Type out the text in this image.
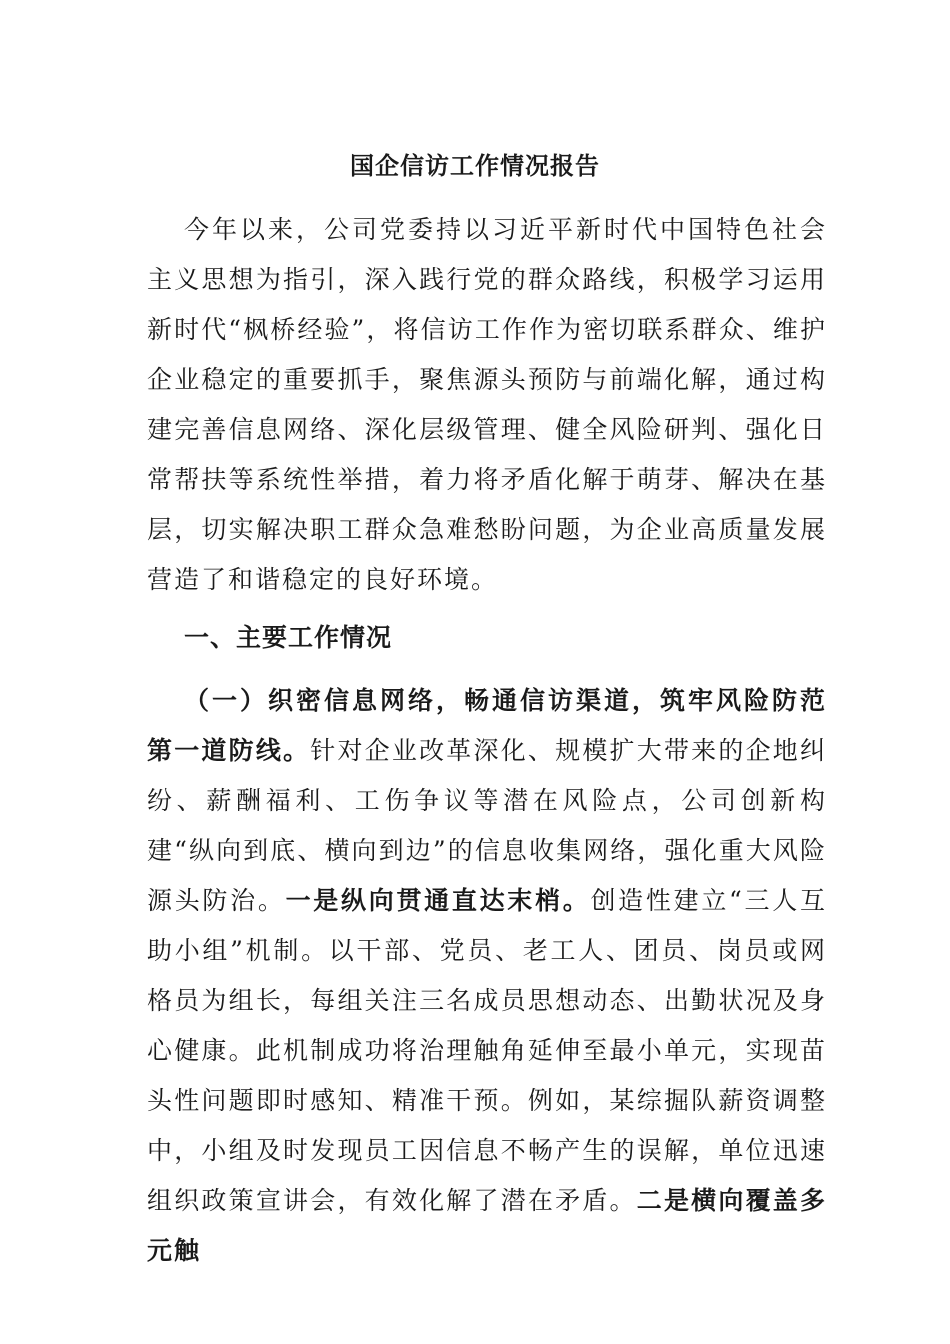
国企信访工作情况报告
今年以来，公司党委持以习近平新时代中国特色社会主义思想为指引，深入践行党的群众路线，积极学习运用新时代“枫桥经验”，将信访工作作为密切联系群众、维护企业稳定的重要抓手，聚焦源头预防与前端化解，通过构建完善信息网络、深化层级管理、健全风险研判、强化日常帮扶等系统性举措，着力将矛盾化解于萌芽、解决在基层，切实解决职工群众急难愁盼问题，为企业高质量发展营造了和谐稳定的良好环境。
一、主要工作情况
（一）织密信息网络，畅通信访渠道，筑牢风险防范第一道防线。针对企业改革深化、规模扩大带来的企地纠纷、薪酬福利、工伤争议等潜在风险点，公司创新构建“纵向到底、横向到边”的信息收集网络，强化重大风险源头防治。一是纵向贯通直达末梢。创造性建立“三人互助小组”机制。以干部、党员、老工人、团员、岗员或网格员为组长，每组关注三名成员思想动态、出勤状况及身心健康。此机制成功将治理触角延伸至最小单元，实现苗头性问题即时感知、精准干预。例如，某综掘队薪资调整中，小组及时发现员工因信息不畅产生的误解，单位迅速组织政策宣讲会，有效化解了潜在矛盾。二是横向覆盖多元触
